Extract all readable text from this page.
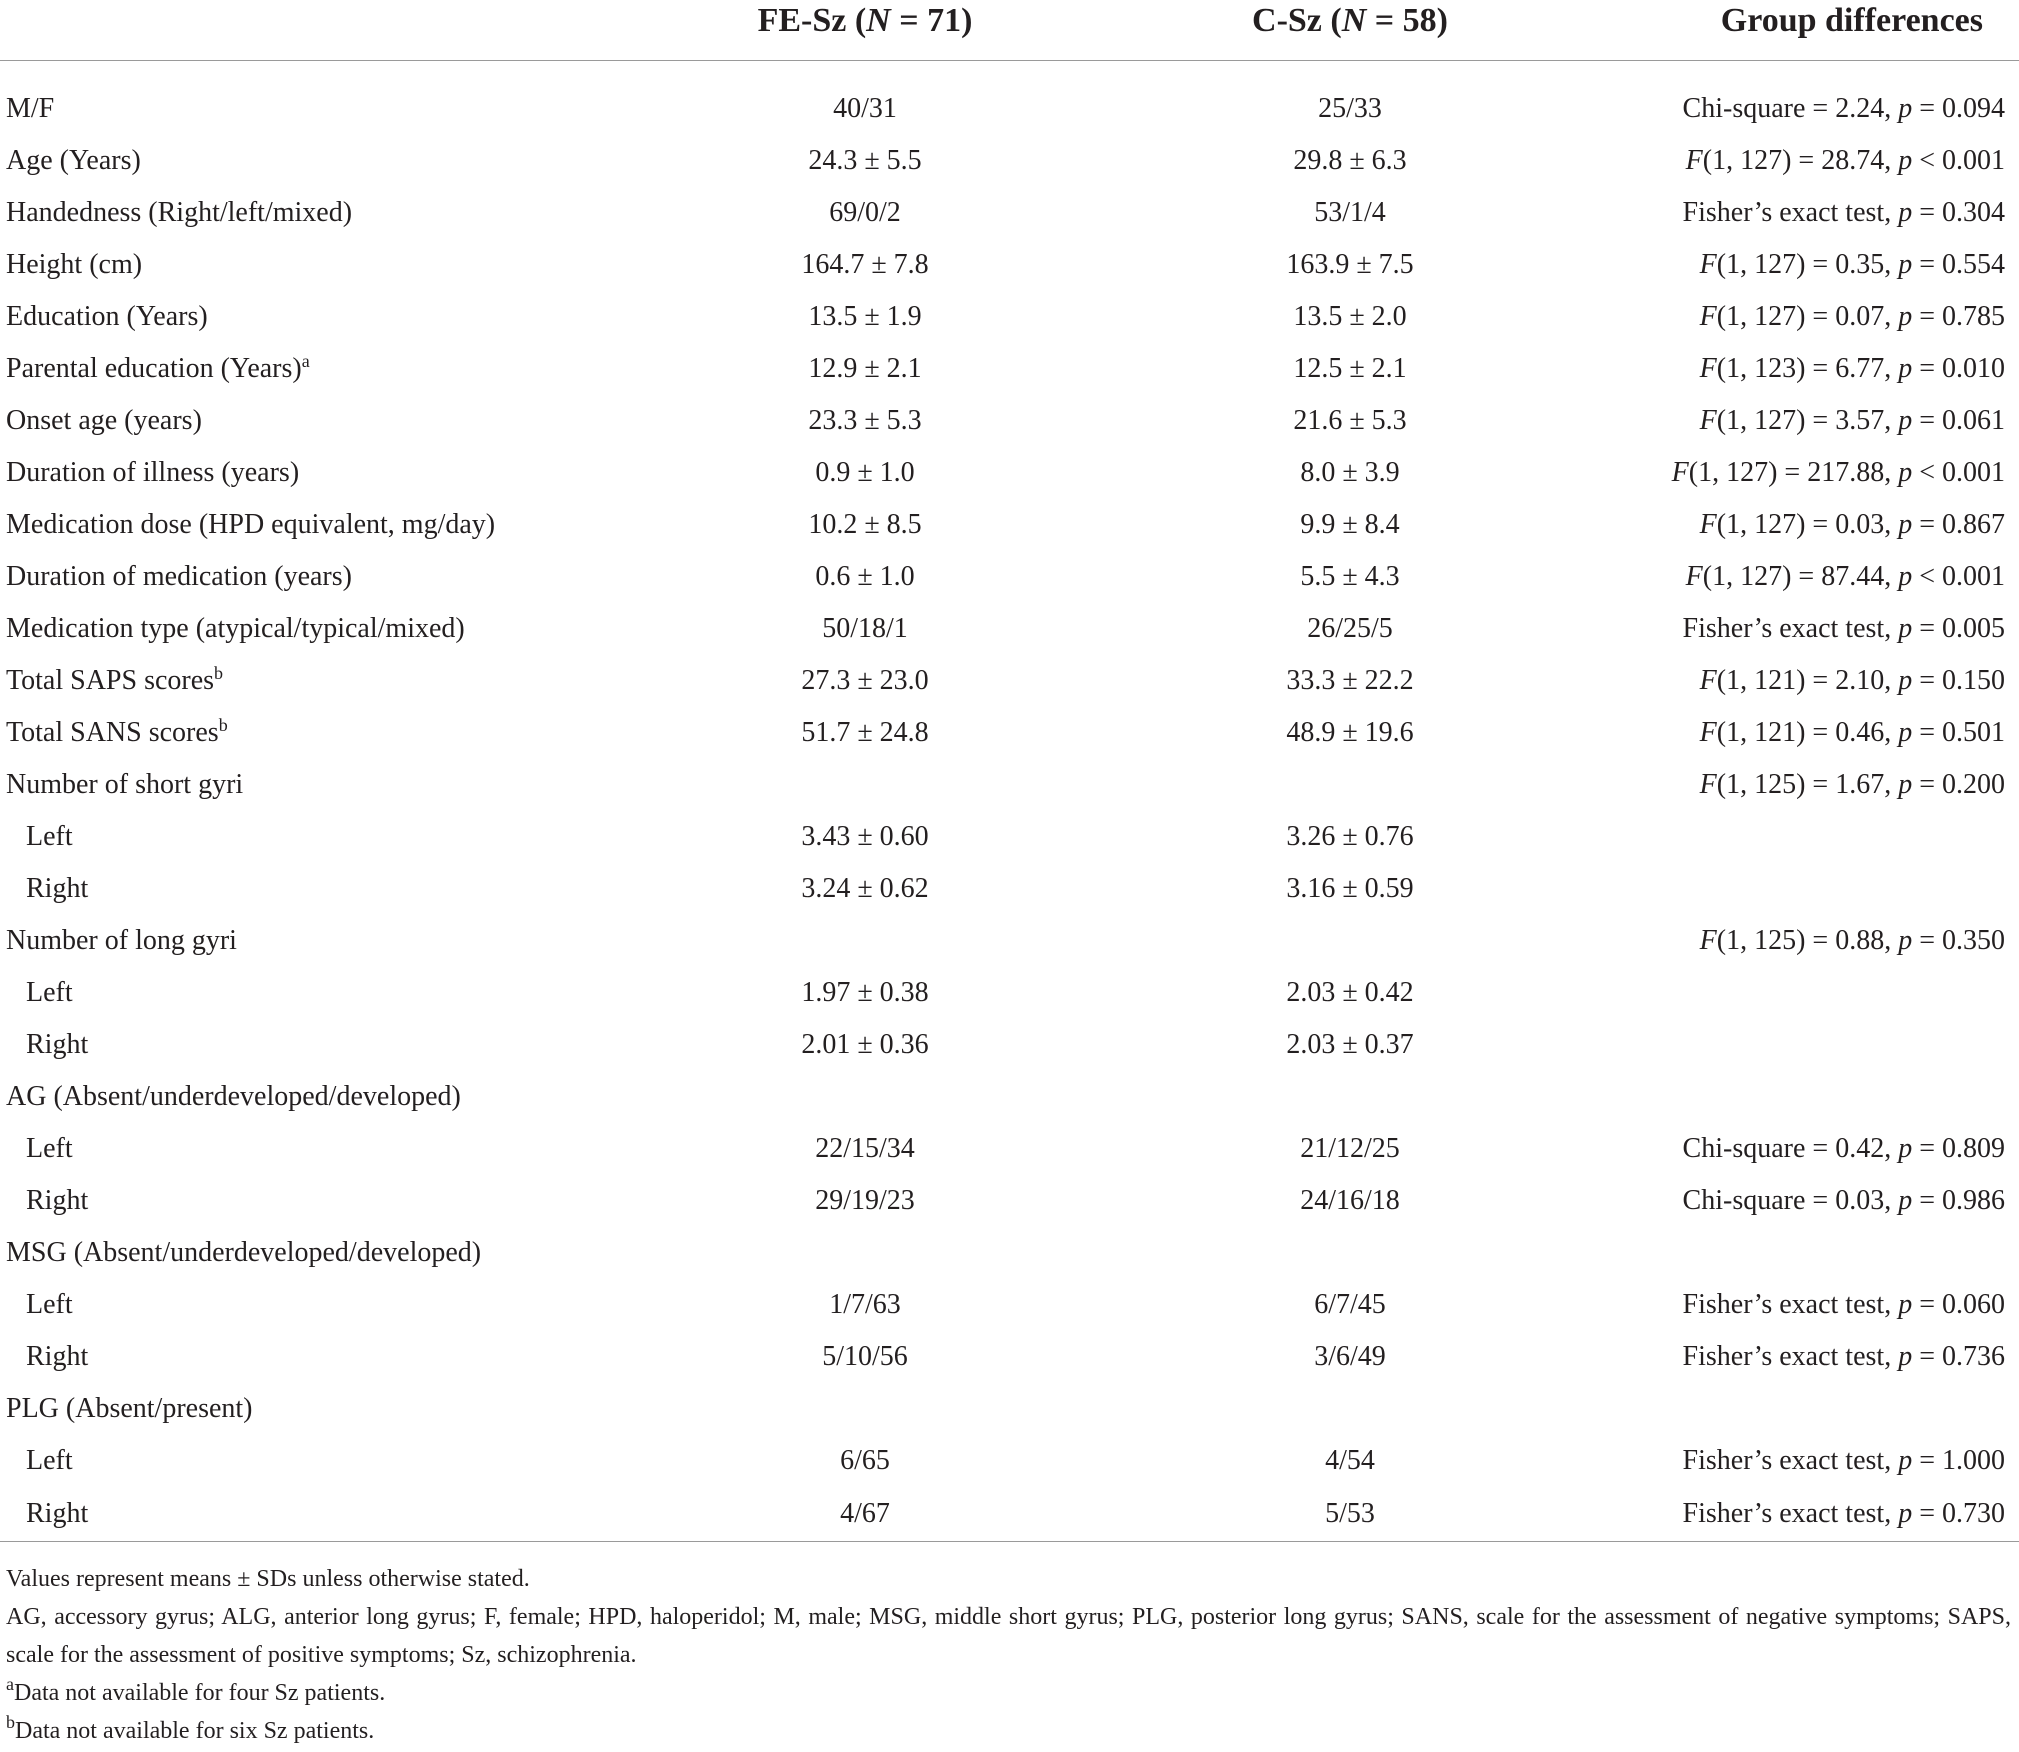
	FE-Sz (N = 71)	C-Sz (N = 58)	Group differences

M/F	40/31	25/33	Chi-square = 2.24, p = 0.094
Age (Years)	24.3 ± 5.5	29.8 ± 6.3	F(1, 127) = 28.74, p < 0.001
Handedness (Right/left/mixed)	69/0/2	53/1/4	Fisher’s exact test, p = 0.304
Height (cm)	164.7 ± 7.8	163.9 ± 7.5	F(1, 127) = 0.35, p = 0.554
Education (Years)	13.5 ± 1.9	13.5 ± 2.0	F(1, 127) = 0.07, p = 0.785
Parental education (Years)$^a$	12.9 ± 2.1	12.5 ± 2.1	F(1, 123) = 6.77, p = 0.010
Onset age (years)	23.3 ± 5.3	21.6 ± 5.3	F(1, 127) = 3.57, p = 0.061
Duration of illness (years)	0.9 ± 1.0	8.0 ± 3.9	F(1, 127) = 217.88, p < 0.001
Medication dose (HPD equivalent, mg/day)	10.2 ± 8.5	9.9 ± 8.4	F(1, 127) = 0.03, p = 0.867
Duration of medication (years)	0.6 ± 1.0	5.5 ± 4.3	F(1, 127) = 87.44, p < 0.001
Medication type (atypical/typical/mixed)	50/18/1	26/25/5	Fisher’s exact test, p = 0.005
Total SAPS scores$^b$	27.3 ± 23.0	33.3 ± 22.2	F(1, 121) = 2.10, p = 0.150
Total SANS scores$^b$	51.7 ± 24.8	48.9 ± 19.6	F(1, 121) = 0.46, p = 0.501
Number of short gyri			F(1, 125) = 1.67, p = 0.200
Left	3.43 ± 0.60	3.26 ± 0.76	
Right	3.24 ± 0.62	3.16 ± 0.59	
Number of long gyri			F(1, 125) = 0.88, p = 0.350
Left	1.97 ± 0.38	2.03 ± 0.42	
Right	2.01 ± 0.36	2.03 ± 0.37	
AG (Absent/underdeveloped/developed)			
Left	22/15/34	21/12/25	Chi-square = 0.42, p = 0.809
Right	29/19/23	24/16/18	Chi-square = 0.03, p = 0.986
MSG (Absent/underdeveloped/developed)			
Left	1/7/63	6/7/45	Fisher’s exact test, p = 0.060
Right	5/10/56	3/6/49	Fisher’s exact test, p = 0.736
PLG (Absent/present)			
Left	6/65	4/54	Fisher’s exact test, p = 1.000
Right	4/67	5/53	Fisher’s exact test, p = 0.730

Values represent means ± SDs unless otherwise stated.

AG, accessory gyrus; ALG, anterior long gyrus; F, female; HPD, haloperidol; M, male; MSG, middle short gyrus; PLG, posterior long gyrus; SANS, scale for the assessment of negative symptoms; SAPS, scale for the assessment of positive symptoms; Sz, schizophrenia.

$^a$Data not available for four Sz patients.

$^b$Data not available for six Sz patients.
